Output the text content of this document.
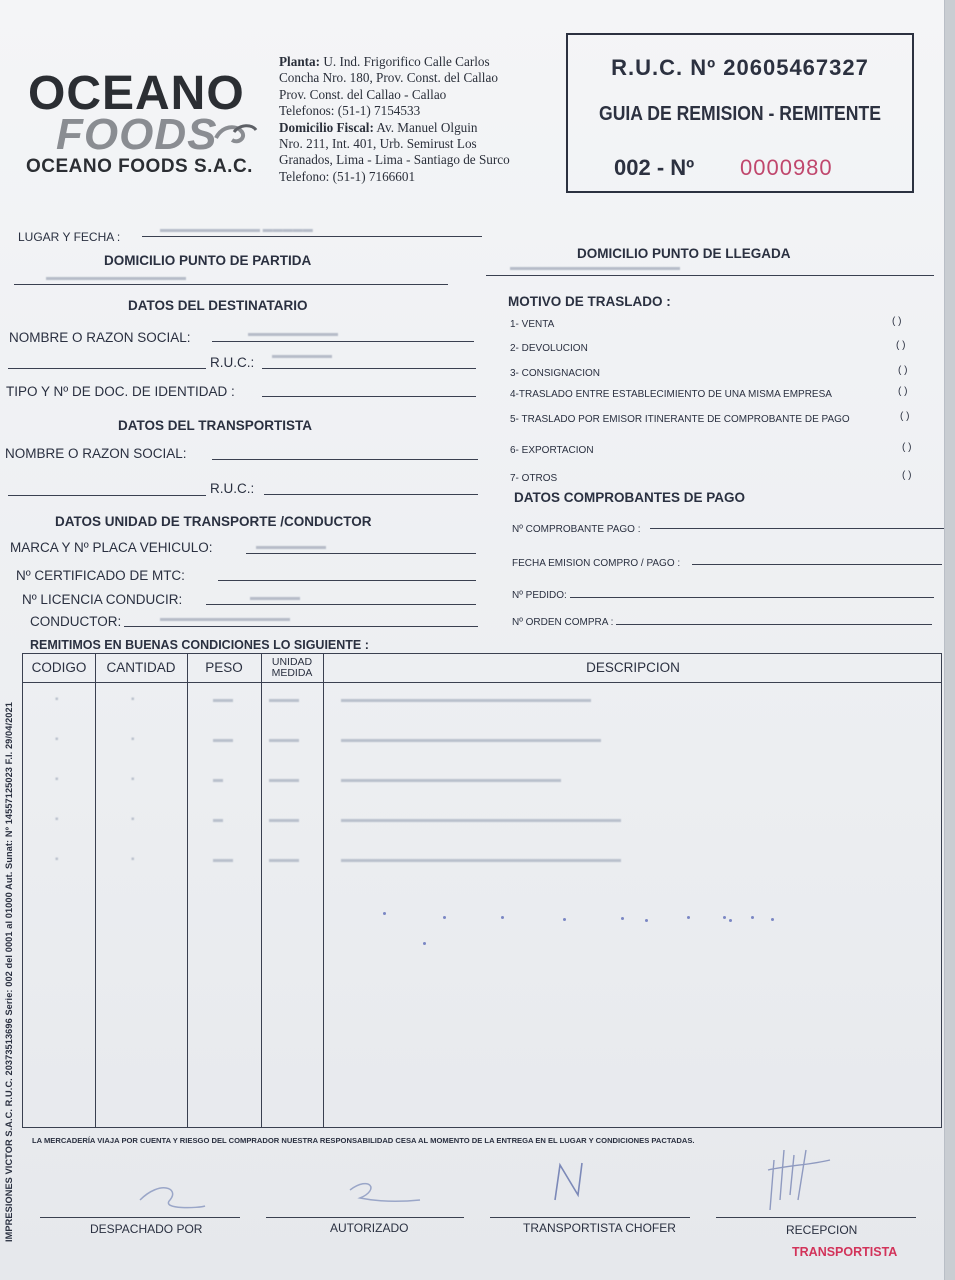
OCEANO
FOODS
OCEANO FOODS S.A.C.
Planta: U. Ind. Frigorifico Calle Carlos
Concha Nro. 180, Prov. Const. del Callao
Prov. Const. del Callao - Callao
Telefonos: (51-1) 7154533
Domicilio Fiscal: Av. Manuel Olguin
Nro. 211, Int. 401, Urb. Semirust Los
Granados, Lima - Lima - Santiago de Surco
Telefono: (51-1) 7166601
R.U.C. Nº 20605467327
GUIA DE REMISION - REMITENTE
002 - Nº 0000980
LUGAR Y FECHA :
▬▬▬▬▬▬▬▬▬▬ ▬▬▬▬▬
DOMICILIO PUNTO DE PARTIDA
▬▬▬▬▬▬▬▬▬▬▬▬▬▬
DATOS DEL DESTINATARIO
NOMBRE O RAZON SOCIAL:	▬▬▬▬▬▬▬▬▬
R.U.C.: ▬▬▬▬▬▬
TIPO Y Nº DE DOC. DE IDENTIDAD :
DATOS DEL TRANSPORTISTA
NOMBRE O RAZON SOCIAL:
R.U.C.:
DATOS UNIDAD DE TRANSPORTE /CONDUCTOR
MARCA Y Nº PLACA VEHICULO:	▬▬▬▬▬▬▬
Nº CERTIFICADO DE MTC:
Nº LICENCIA CONDUCIR:	▬▬▬▬▬
CONDUCTOR:	▬▬▬▬▬▬▬▬▬▬▬▬▬
DOMICILIO PUNTO DE LLEGADA
▬▬▬▬▬▬▬▬▬▬▬▬▬▬▬▬▬
MOTIVO DE TRASLADO :
1- VENTA	( )
2- DEVOLUCION	( )
3- CONSIGNACION	( )
4-TRASLADO ENTRE ESTABLECIMIENTO DE UNA MISMA EMPRESA	( )
5- TRASLADO POR EMISOR ITINERANTE DE COMPROBANTE DE PAGO	( )
6- EXPORTACION	( )
7- OTROS	( )
DATOS COMPROBANTES DE PAGO
Nº COMPROBANTE PAGO :
FECHA EMISION COMPRO / PAGO :
Nº PEDIDO:
Nº ORDEN COMPRA :
REMITIMOS EN BUENAS CONDICIONES LO SIGUIENTE :
CODIGO	CANTIDAD	PESO	UNIDAD MEDIDA	DESCRIPCION
▪	▪	▬▬	▬▬▬	▬▬▬▬▬▬▬▬▬▬▬▬▬▬▬▬▬▬▬▬▬▬▬▬▬
▪	▪	▬▬	▬▬▬	▬▬▬▬▬▬▬▬▬▬▬▬▬▬▬▬▬▬▬▬▬▬▬▬▬▬
▪	▪	▬	▬▬▬	▬▬▬▬▬▬▬▬▬▬▬▬▬▬▬▬▬▬▬▬▬▬
▪	▪	▬	▬▬▬	▬▬▬▬▬▬▬▬▬▬▬▬▬▬▬▬▬▬▬▬▬▬▬▬▬▬▬▬
▪	▪	▬▬	▬▬▬	▬▬▬▬▬▬▬▬▬▬▬▬▬▬▬▬▬▬▬▬▬▬▬▬▬▬▬▬
IMPRESIONES VICTOR S.A.C. R.U.C. 20373513696 Serie: 002 del 0001 al 01000 Aut. Sunat: Nº 14557125023 F.I. 29/04/2021 LA MERCADERÍA VIAJA POR CUENTA Y RIESGO DEL COMPRADOR NUESTRA RESPONSABILIDAD CESA AL MOMENTO DE LA ENTREGA EN EL LUGAR Y CONDICIONES PACTADAS.
DESPACHADO POR	AUTORIZADO	TRANSPORTISTA CHOFER	RECEPCION
TRANSPORTISTA
